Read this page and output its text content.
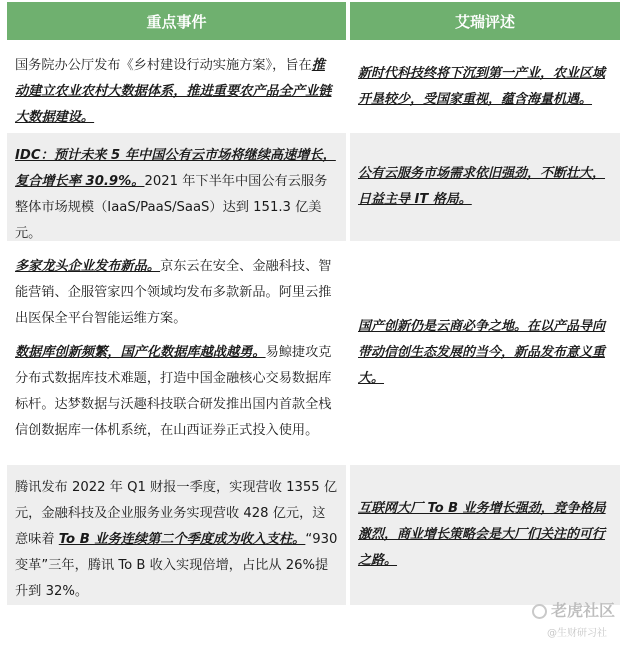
重点事件	艾瑞评述
国务院办公厅发布《乡村建设行动实施方案》，旨在推动建立农业农村大数据体系，推进重要农产品全产业链大数据建设。
新时代科技终将下沉到第一产业，农业区域开垦较少，受国家重视，蕴含海量机遇。
IDC：预计未来 5 年中国公有云市场将继续高速增长，复合增长率 30.9%。2021 年下半年中国公有云服务整体市场规模（IaaS/PaaS/SaaS）达到 151.3 亿美元。
公有云服务市场需求依旧强劲，不断壮大，日益主导 IT 格局。
多家龙头企业发布新品。京东云在安全、金融科技、智能营销、企服管家四个领域均发布多款新品。阿里云推出医保全平台智能运维方案。
数据库创新频繁，国产化数据库越战越勇。易鲸捷攻克分布式数据库技术难题，打造中国金融核心交易数据库标杆。达梦数据与沃趣科技联合研发推出国内首款全栈信创数据库一体机系统，在山西证券正式投入使用。
国产创新仍是云商必争之地。在以产品导向带动信创生态发展的当今，新品发布意义重大。
腾讯发布 2022 年 Q1 财报一季度，实现营收 1355 亿元，金融科技及企业服务业务实现营收 428 亿元，这意味着 To B 业务连续第二个季度成为收入支柱。“930 变革”三年，腾讯 To B 收入实现倍增，占比从 26%提升到 32%。
互联网大厂 To B 业务增长强劲，竞争格局激烈，商业增长策略会是大厂们关注的可行之路。
老虎社区
@生财研习社
